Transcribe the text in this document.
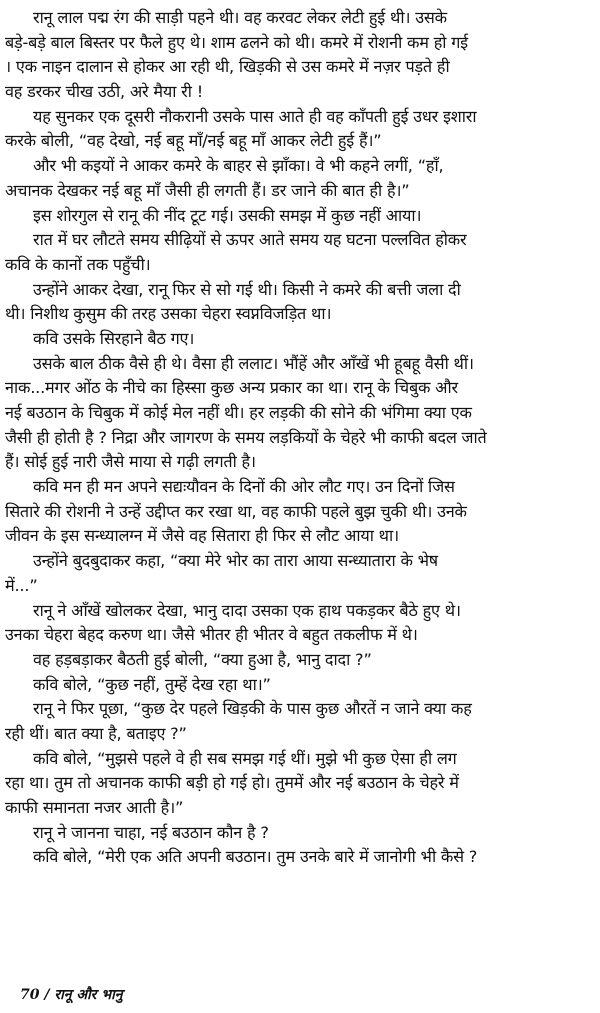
रानू लाल पद्म रंग की साड़ी पहने थी। वह करवट लेकर लेटी हुई थी। उसके
बड़े-बड़े बाल बिस्तर पर फैले हुए थे। शाम ढलने को थी। कमरे में रोशनी कम हो गई
। एक नाइन दालान से होकर आ रही थी, खिड़की से उस कमरे में नज़र पड़ते ही
वह डरकर चीख उठी, अरे मैया री !
यह सुनकर एक दूसरी नौकरानी उसके पास आते ही वह काँपती हुई उधर इशारा
करके बोली, “वह देखो, नई बहू माँ/नई बहू माँ आकर लेटी हुई हैं।”
और भी कइयों ने आकर कमरे के बाहर से झाँका। वे भी कहने लगीं, “हाँ,
अचानक देखकर नई बहू माँ जैसी ही लगती हैं। डर जाने की बात ही है।”
इस शोरगुल से रानू की नींद टूट गई। उसकी समझ में कुछ नहीं आया।
रात में घर लौटते समय सीढ़ियों से ऊपर आते समय यह घटना पल्लवित होकर
कवि के कानों तक पहुँची।
उन्होंने आकर देखा, रानू फिर से सो गई थी। किसी ने कमरे की बत्ती जला दी
थी। निशीथ कुसुम की तरह उसका चेहरा स्वप्नविजड़ित था।
कवि उसके सिरहाने बैठ गए।
उसके बाल ठीक वैसे ही थे। वैसा ही ललाट। भौंहें और आँखें भी हूबहू वैसी थीं।
नाक...मगर ओंठ के नीचे का हिस्सा कुछ अन्य प्रकार का था। रानू के चिबुक और
नई बउठान के चिबुक में कोई मेल नहीं थी। हर लड़की की सोने की भंगिमा क्या एक
जैसी ही होती है ? निद्रा और जागरण के समय लड़कियों के चेहरे भी काफी बदल जाते
हैं। सोई हुई नारी जैसे माया से गढ़ी लगती है।
कवि मन ही मन अपने सद्यःयौवन के दिनों की ओर लौट गए। उन दिनों जिस
सितारे की रोशनी ने उन्हें उद्दीप्त कर रखा था, वह काफी पहले बुझ चुकी थी। उनके
जीवन के इस सन्ध्यालग्न में जैसे वह सितारा ही फिर से लौट आया था।
उन्होंने बुदबुदाकर कहा, “क्या मेरे भोर का तारा आया सन्ध्यातारा के भेष
में...”
रानू ने आँखें खोलकर देखा, भानु दादा उसका एक हाथ पकड़कर बैठे हुए थे।
उनका चेहरा बेहद करुण था। जैसे भीतर ही भीतर वे बहुत तकलीफ में थे।
वह हड़बड़ाकर बैठती हुई बोली, “क्या हुआ है, भानु दादा ?”
कवि बोले, “कुछ नहीं, तुम्हें देख रहा था।”
रानू ने फिर पूछा, “कुछ देर पहले खिड़की के पास कुछ औरतें न जाने क्या कह
रही थीं। बात क्या है, बताइए ?”
कवि बोले, “मुझसे पहले वे ही सब समझ गई थीं। मुझे भी कुछ ऐसा ही लग
रहा था। तुम तो अचानक काफी बड़ी हो गई हो। तुममें और नई बउठान के चेहरे में
काफी समानता नजर आती है।”
रानू ने जानना चाहा, नई बउठान कौन है ?
कवि बोले, “मेरी एक अति अपनी बउठान। तुम उनके बारे में जानोगी भी कैसे ?
70 / रानू और भानु
